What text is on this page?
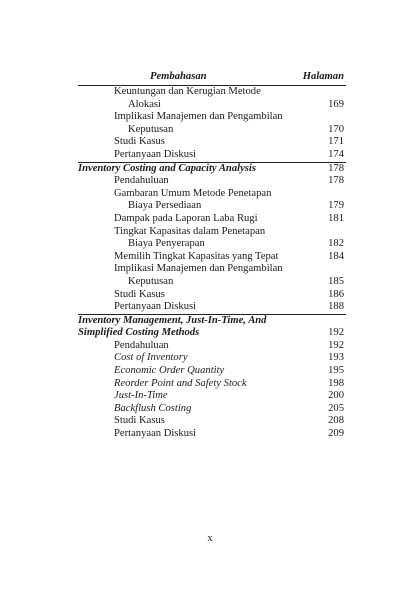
Pembahasan	Halaman
Keuntungan dan Kerugian Metode
Alokasi	169
Implikasi Manajemen dan Pengambilan
Keputusan	170
Studi Kasus	171
Pertanyaan Diskusi	174
Inventory Costing and Capacity Analysis	178
Pendahuluan	178
Gambaran Umum Metode Penetapan
Biaya Persediaan	179
Dampak pada Laporan Laba Rugi	181
Tingkat Kapasitas dalam Penetapan
Biaya Penyerapan	182
Memilih Tingkat Kapasitas yang Tepat	184
Implikasi Manajemen dan Pengambilan
Keputusan	185
Studi Kasus	186
Pertanyaan Diskusi	188
Inventory Management, Just-In-Time, And
Simplified Costing Methods	192
Pendahuluan	192
Cost of Inventory	193
Economic Order Quantity	195
Reorder Point and Safety Stock	198
Just-In-Time	200
Backflush Costing	205
Studi Kasus	208
Pertanyaan Diskusi	209
x
